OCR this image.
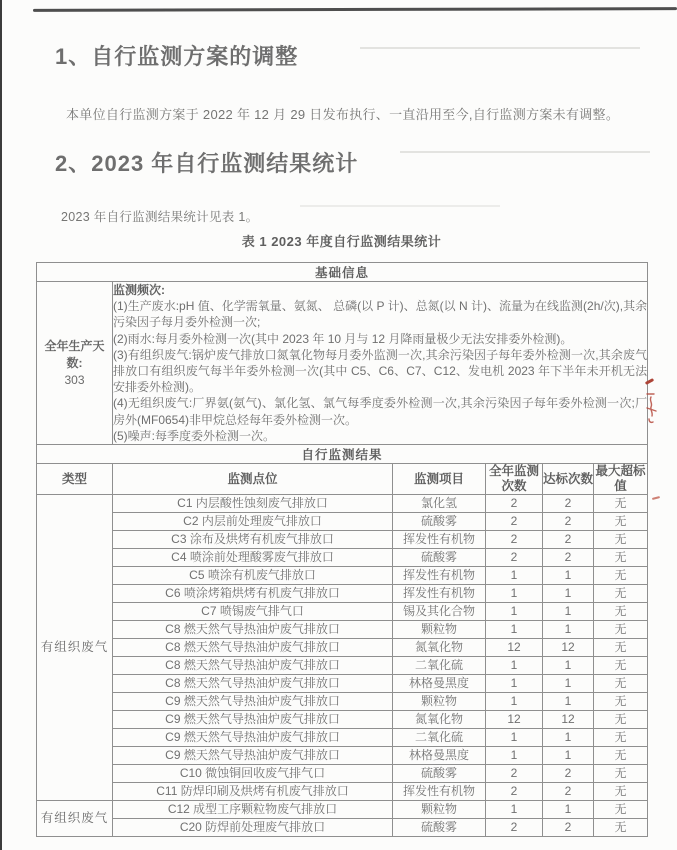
1、自行监测方案的调整
本单位自行监测方案于 2022 年 12 月 29 日发布执行、一直沿用至今,自行监测方案未有调整。
2、2023 年自行监测结果统计
2023 年自行监测结果统计见表 1。
表 1 2023 年度自行监测结果统计
基础信息					

全年生产天数:
303

监测频次:
(1)生产废水:pH 值、化学需氧量、氨氮、 总磷(以 P 计)、总氮(以 N 计)、流量为在线监测(2h/次),其余污染因子每月委外检测一次;
(2)雨水:每月委外检测一次(其中 2023 年 10 月与 12 月降雨量极少无法安排委外检测)。
(3)有组织废气:锅炉废气排放口氮氧化物每月委外监测一次,其余污染因子每年委外检测一次,其余废气排放口有组织废气每半年委外检测一次(其中 C5、C6、C7、C12、发电机 2023 年下半年未开机无法安排委外检测)。
(4)无组织废气:厂界氨(氨气)、氯化氢、氯气每季度委外检测一次,其余污染因子每年委外检测一次;厂房外(MF0654)非甲烷总烃每年委外检测一次。
(5)噪声:每季度委外检测一次。

自行监测结果					
类型	监测点位	监测项目	全年监测次数	达标次数	最大超标值
有组织废气	C1 内层酸性蚀刻废气排放口	氯化氢	2	2	无
	C2 内层前处理废气排放口	硫酸雾	2	2	无
	C3 涂布及烘烤有机废气排放口	挥发性有机物	2	2	无
	C4 喷涂前处理酸雾废气排放口	硫酸雾	2	2	无
	C5 喷涂有机废气排放口	挥发性有机物	1	1	无
	C6 喷涂烤箱烘烤有机废气排放口	挥发性有机物	1	1	无
	C7 喷锡废气排气口	锡及其化合物	1	1	无
	C8 燃天然气导热油炉废气排放口	颗粒物	1	1	无
	C8 燃天然气导热油炉废气排放口	氮氧化物	12	12	无
	C8 燃天然气导热油炉废气排放口	二氧化硫	1	1	无
	C8 燃天然气导热油炉废气排放口	林格曼黑度	1	1	无
	C9 燃天然气导热油炉废气排放口	颗粒物	1	1	无
	C9 燃天然气导热油炉废气排放口	氮氧化物	12	12	无
	C9 燃天然气导热油炉废气排放口	二氧化硫	1	1	无
	C9 燃天然气导热油炉废气排放口	林格曼黑度	1	1	无
	C10 微蚀铜回收废气排气口	硫酸雾	2	2	无
	C11 防焊印刷及烘烤有机废气排放口	挥发性有机物	2	2	无
有组织废气	C12 成型工序颗粒物废气排放口	颗粒物	1	1	无
	C20 防焊前处理废气排放口	硫酸雾	2	2	无
